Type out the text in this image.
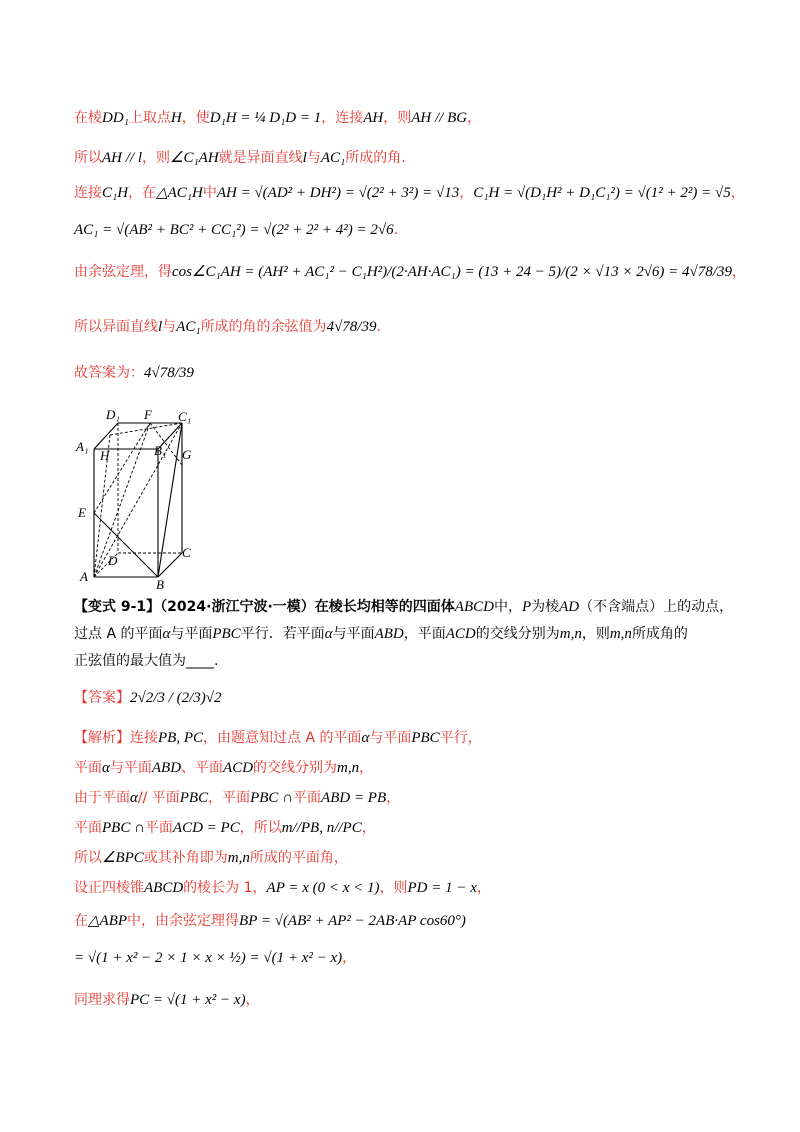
在棱DD₁上取点H，使D₁H = ¼ D₁D = 1，连接AH，则AH // BG，
所以AH // l，则∠C₁AH就是异面直线l与AC₁所成的角.
连接C₁H，在△AC₁H中AH = √(AD² + DH²) = √(2² + 3²) = √13，C₁H = √(D₁H² + D₁C₁²) = √(1² + 2²) = √5，
AC₁ = √(AB² + BC² + CC₁²) = √(2² + 2² + 4²) = 2√6.
由余弦定理，得cos∠C₁AH = (AH² + AC₁² − C₁H²)/(2·AH·AC₁) = (13 + 24 − 5)/(2 × √13 × 2√6) = 4√78/39，
所以异面直线l与AC₁所成的角的余弦值为4√78/39.
故答案为：4√78/39
【变式 9-1】（2024·浙江宁波·一模）在棱长均相等的四面体ABCD中，P为棱AD（不含端点）上的动点，
过点 A 的平面α与平面PBC平行．若平面α与平面ABD，平面ACD的交线分别为m,n，则m,n所成角的
正弦值的最大值为____.
【答案】2√2/3 / (2/3)√2
【解析】连接PB, PC，由题意知过点 A 的平面α与平面PBC平行，
平面α与平面ABD、平面ACD的交线分别为m,n，
由于平面α// 平面PBC，平面PBC ∩平面ABD = PB，
平面PBC ∩平面ACD = PC，所以m//PB, n//PC，
所以∠BPC或其补角即为m,n所成的平面角，
设正四棱锥ABCD的棱长为 1，AP = x (0 < x < 1)，则PD = 1 − x，
在△ABP中，由余弦定理得BP = √(AB² + AP² − 2AB·AP cos60°)
= √(1 + x² − 2 × 1 × x × ½) = √(1 + x² − x)，
同理求得PC = √(1 + x² − x)，
D₁ F C₁
A₁	B₁
H	G
E
D
C
A
B
